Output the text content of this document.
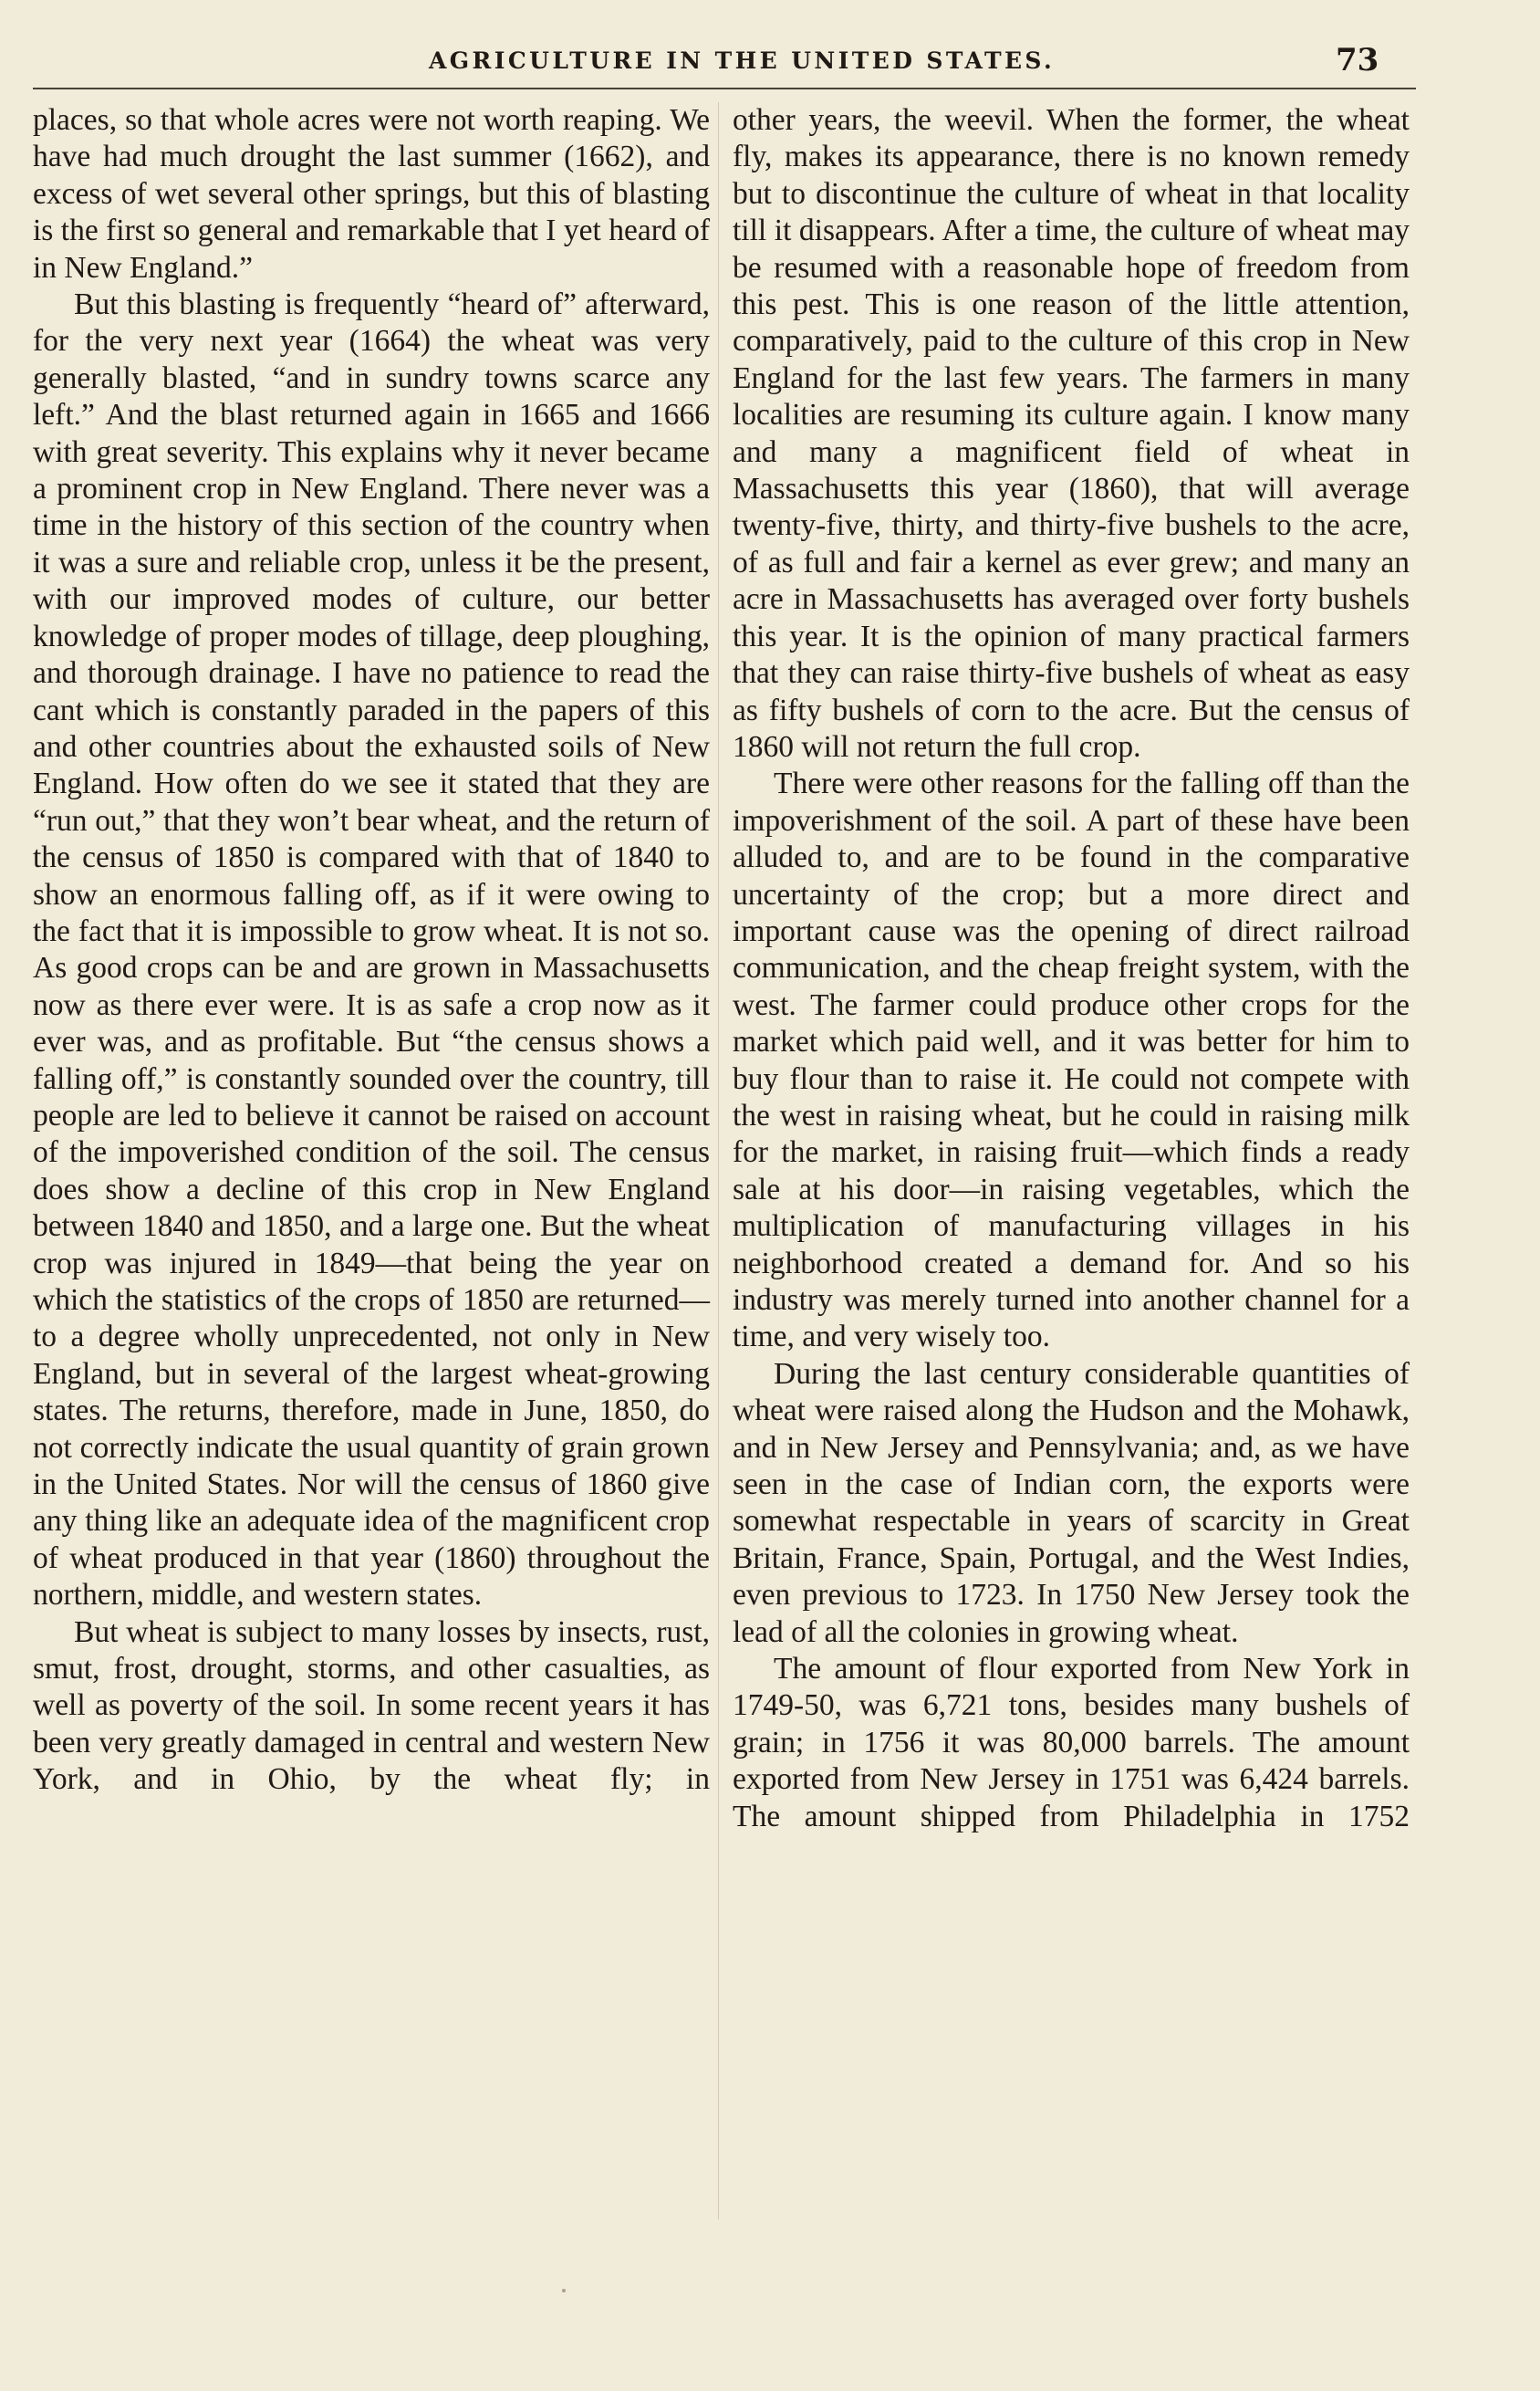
AGRICULTURE IN THE UNITED STATES.	73

places, so that whole acres were not worth reaping. We have had much drought the last summer (1662), and excess of wet several other springs, but this of blasting is the first so general and remarkable that I yet heard of in New England.”

But this blasting is frequently “heard of” afterward, for the very next year (1664) the wheat was very generally blasted, “and in sundry towns scarce any left.” And the blast returned again in 1665 and 1666 with great severity. This explains why it never became a prominent crop in New England. There never was a time in the history of this section of the country when it was a sure and reliable crop, unless it be the present, with our improved modes of culture, our better knowledge of proper modes of tillage, deep ploughing, and thorough drainage. I have no patience to read the cant which is constantly paraded in the papers of this and other countries about the exhausted soils of New England. How often do we see it stated that they are “run out,” that they won’t bear wheat, and the return of the census of 1850 is compared with that of 1840 to show an enormous falling off, as if it were owing to the fact that it is impossible to grow wheat. It is not so. As good crops can be and are grown in Massachusetts now as there ever were. It is as safe a crop now as it ever was, and as profitable. But “the census shows a falling off,” is constantly sounded over the country, till people are led to believe it cannot be raised on account of the impoverished condition of the soil. The census does show a decline of this crop in New England between 1840 and 1850, and a large one. But the wheat crop was injured in 1849—that being the year on which the statistics of the crops of 1850 are returned—to a degree wholly unprecedented, not only in New England, but in several of the largest wheat-growing states. The returns, therefore, made in June, 1850, do not correctly indicate the usual quantity of grain grown in the United States. Nor will the census of 1860 give any thing like an adequate idea of the magnificent crop of wheat produced in that year (1860) throughout the northern, middle, and western states.

But wheat is subject to many losses by insects, rust, smut, frost, drought, storms, and other casualties, as well as poverty of the soil. In some recent years it has been very greatly damaged in central and western New York, and in Ohio, by the wheat fly; in

other years, the weevil. When the former, the wheat fly, makes its appearance, there is no known remedy but to discontinue the culture of wheat in that locality till it disappears. After a time, the culture of wheat may be resumed with a reasonable hope of freedom from this pest. This is one reason of the little attention, comparatively, paid to the culture of this crop in New England for the last few years. The farmers in many localities are resuming its culture again. I know many and many a magnificent field of wheat in Massachusetts this year (1860), that will average twenty-five, thirty, and thirty-five bushels to the acre, of as full and fair a kernel as ever grew; and many an acre in Massachusetts has averaged over forty bushels this year. It is the opinion of many practical farmers that they can raise thirty-five bushels of wheat as easy as fifty bushels of corn to the acre. But the census of 1860 will not return the full crop.

There were other reasons for the falling off than the impoverishment of the soil. A part of these have been alluded to, and are to be found in the comparative uncertainty of the crop; but a more direct and important cause was the opening of direct railroad communication, and the cheap freight system, with the west. The farmer could produce other crops for the market which paid well, and it was better for him to buy flour than to raise it. He could not compete with the west in raising wheat, but he could in raising milk for the market, in raising fruit—which finds a ready sale at his door—in raising vegetables, which the multiplication of manufacturing villages in his neighborhood created a demand for. And so his industry was merely turned into another channel for a time, and very wisely too.

During the last century considerable quantities of wheat were raised along the Hudson and the Mohawk, and in New Jersey and Pennsylvania; and, as we have seen in the case of Indian corn, the exports were somewhat respectable in years of scarcity in Great Britain, France, Spain, Portugal, and the West Indies, even previous to 1723. In 1750 New Jersey took the lead of all the colonies in growing wheat.

The amount of flour exported from New York in 1749-50, was 6,721 tons, besides many bushels of grain; in 1756 it was 80,000 barrels. The amount exported from New Jersey in 1751 was 6,424 barrels. The amount shipped from Philadelphia in 1752
